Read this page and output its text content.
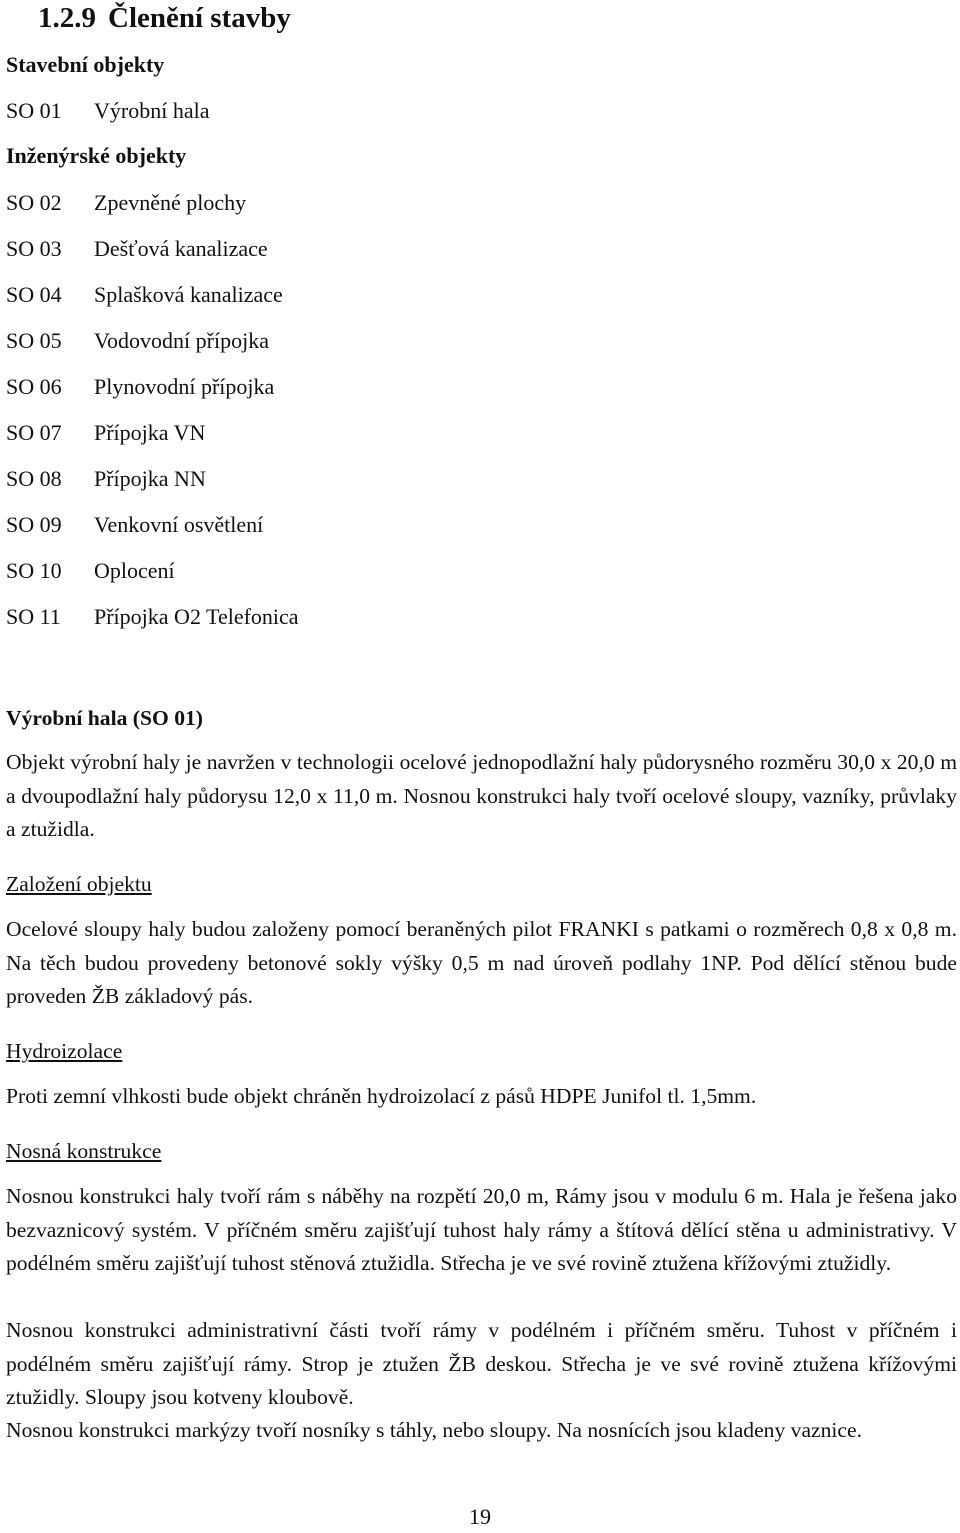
1.2.9 Členění stavby
Stavební objekty
SO 01 Výrobní hala
Inženýrské objekty
SO 02 Zpevněné plochy
SO 03 Dešťová kanalizace
SO 04 Splašková kanalizace
SO 05 Vodovodní přípojka
SO 06 Plynovodní přípojka
SO 07 Přípojka VN
SO 08 Přípojka NN
SO 09 Venkovní osvětlení
SO 10 Oplocení
SO 11 Přípojka O2 Telefonica
Výrobní hala (SO 01)

Objekt výrobní haly je navržen v technologii ocelové jednopodlažní haly půdorysného rozměru 30,0 x 20,0 m a dvoupodlažní haly půdorysu 12,0 x 11,0 m. Nosnou konstrukci haly tvoří ocelové sloupy, vazníky, průvlaky a ztužidla.

Založení objektu

Ocelové sloupy haly budou založeny pomocí beraněných pilot FRANKI s patkami o rozměrech 0,8 x 0,8 m. Na těch budou provedeny betonové sokly výšky 0,5 m nad úroveň podlahy 1NP. Pod dělící stěnou bude proveden ŽB základový pás.

Hydroizolace

Proti zemní vlhkosti bude objekt chráněn hydroizolací z pásů HDPE Junifol tl. 1,5mm.

Nosná konstrukce

Nosnou konstrukci haly tvoří rám s náběhy na rozpětí 20,0 m, Rámy jsou v modulu 6 m. Hala je řešena jako bezvaznicový systém. V příčném směru zajišťují tuhost haly rámy a štítová dělící stěna u administrativy. V podélném směru zajišťují tuhost stěnová ztužidla. Střecha je ve své rovině ztužena křížovými ztužidly.

Nosnou konstrukci administrativní části tvoří rámy v podélném i příčném směru. Tuhost v příčném i podélném směru zajišťují rámy. Strop je ztužen ŽB deskou. Střecha je ve své rovině ztužena křížovými ztužidly. Sloupy jsou kotveny kloubově.

Nosnou konstrukci markýzy tvoří nosníky s táhly, nebo sloupy. Na nosnících jsou kladeny vaznice.

19
